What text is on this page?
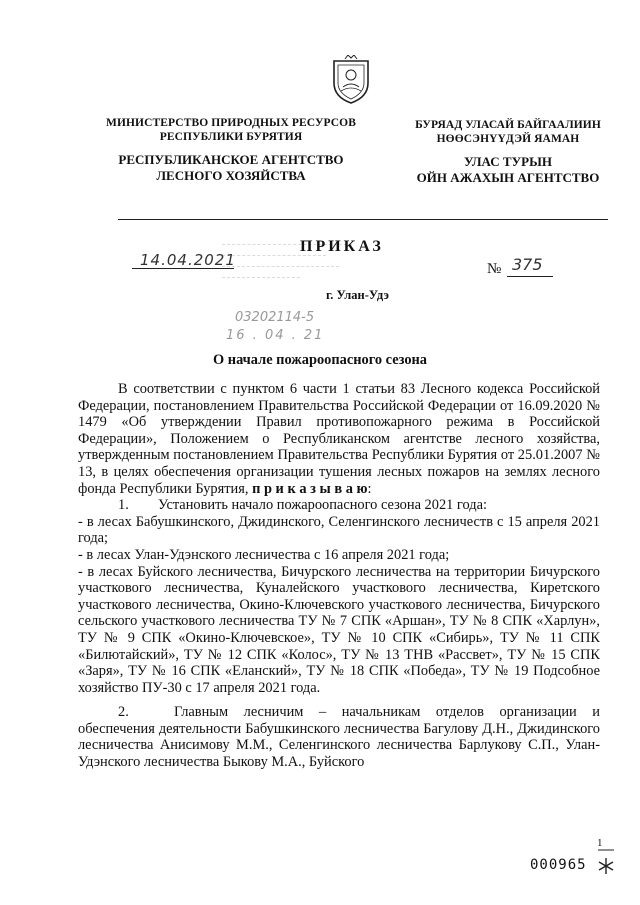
МИНИСТЕРСТВО ПРИРОДНЫХ РЕСУРСОВ
РЕСПУБЛИКИ БУРЯТИЯ
РЕСПУБЛИКАНСКОЕ АГЕНТСТВО
ЛЕСНОГО ХОЗЯЙСТВА
БУРЯАД УЛАСАЙ БАЙГААЛИИН
НӨӨСЭНҮҮДЭЙ ЯАМАН
УЛАС ТУРЫН
ОЙН АЖАХЫН АГЕНТСТВО
ПРИКАЗ
14.04.2021	№ 375
г. Улан-Удэ
03202114-5
16 . 04 . 21
О начале пожароопасного сезона

В соответствии с пунктом 6 части 1 статьи 83 Лесного кодекса Российской Федерации, постановлением Правительства Российской Федерации от 16.09.2020 № 1479 «Об утверждении Правил противопожарного режима в Российской Федерации», Положением о Республиканском агентстве лесного хозяйства, утвержденным постановлением Правительства Республики Бурятия от 25.01.2007 № 13, в целях обеспечения организации тушения лесных пожаров на землях лесного фонда Республики Бурятия, п р и к а з ы в а ю:

1. Установить начало пожароопасного сезона 2021 года:

- в лесах Бабушкинского, Джидинского, Селенгинского лесничеств с 15 апреля 2021 года;

- в лесах Улан-Удэнского лесничества с 16 апреля 2021 года;

- в лесах Буйского лесничества, Бичурского лесничества на территории Бичурского участкового лесничества, Куналейского участкового лесничества, Киретского участкового лесничества, Окино-Ключевского участкового лесничества, Бичурского сельского участкового лесничества ТУ № 7 СПК «Аршан», ТУ № 8 СПК «Харлун», ТУ № 9 СПК «Окино-Ключевское», ТУ № 10 СПК «Сибирь», ТУ № 11 СПК «Билютайский», ТУ № 12 СПК «Колос», ТУ № 13 ТНВ «Рассвет», ТУ № 15 СПК «Заря», ТУ № 16 СПК «Еланский», ТУ № 18 СПК «Победа», ТУ № 19 Подсобное хозяйство ПУ-30 с 17 апреля 2021 года.

2.	Главным лесничим – начальникам отделов организации и обеспечения деятельности Бабушкинского лесничества Багулову Д.Н., Джидинского лесничества Анисимову М.М., Селенгинского лесничества Барлукову С.П., Улан-Удэнского лесничества Быкову М.А., Буйского

1
000965
